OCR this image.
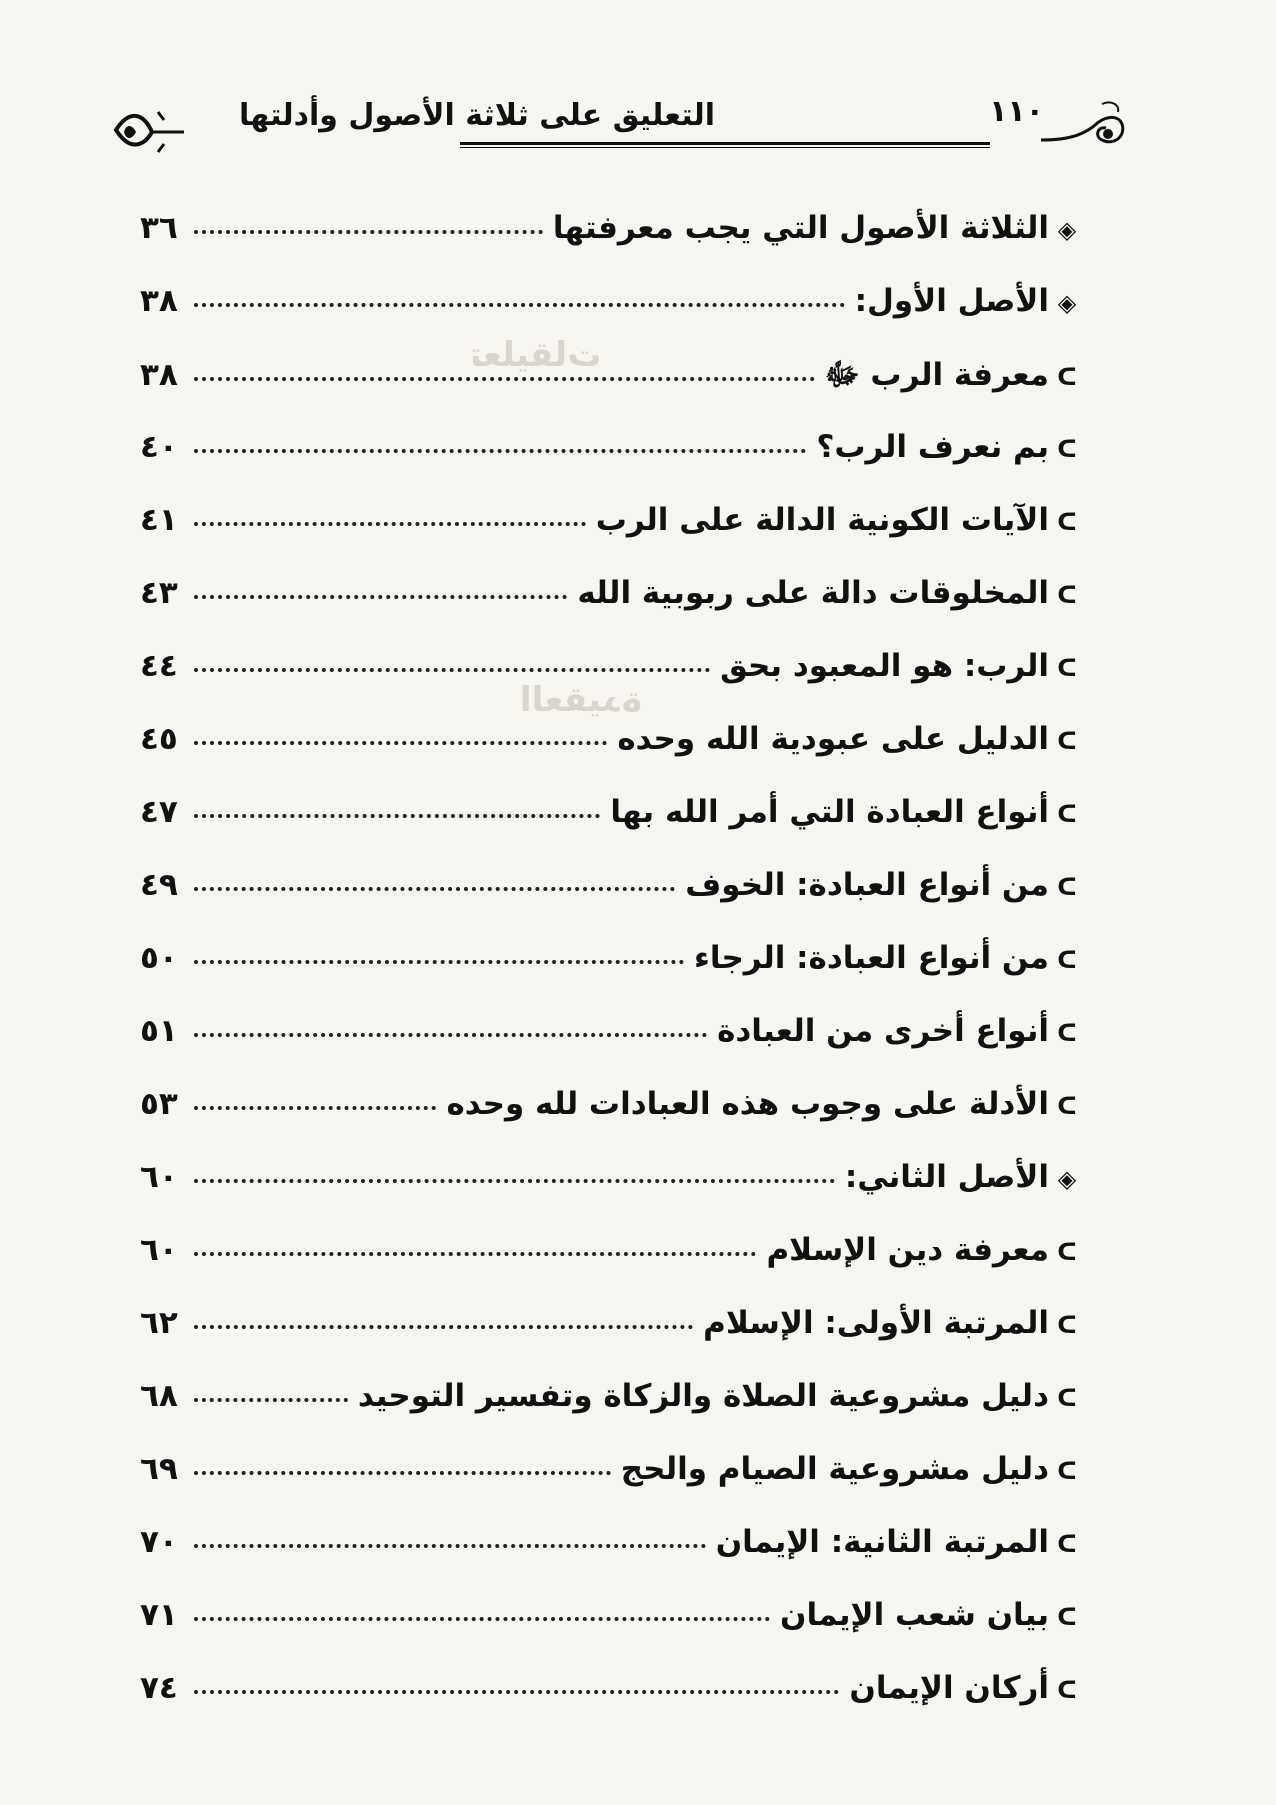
١١٠
التعليق على ثلاثة الأصول وأدلتها
تعليقات
العقيدة
◈
الثلاثة الأصول التي يجب معرفتها
٣٦
◈
الأصل الأول:
٣٨
ᑕ
معرفة الرب ﷻ
٣٨
ᑕ
بم نعرف الرب؟
٤٠
ᑕ
الآيات الكونية الدالة على الرب
٤١
ᑕ
المخلوقات دالة على ربوبية الله
٤٣
ᑕ
الرب: هو المعبود بحق
٤٤
ᑕ
الدليل على عبودية الله وحده
٤٥
ᑕ
أنواع العبادة التي أمر الله بها
٤٧
ᑕ
من أنواع العبادة: الخوف
٤٩
ᑕ
من أنواع العبادة: الرجاء
٥٠
ᑕ
أنواع أخرى من العبادة
٥١
ᑕ
الأدلة على وجوب هذه العبادات لله وحده
٥٣
◈
الأصل الثاني:
٦٠
ᑕ
معرفة دين الإسلام
٦٠
ᑕ
المرتبة الأولى: الإسلام
٦٢
ᑕ
دليل مشروعية الصلاة والزكاة وتفسير التوحيد
٦٨
ᑕ
دليل مشروعية الصيام والحج
٦٩
ᑕ
المرتبة الثانية: الإيمان
٧٠
ᑕ
بيان شعب الإيمان
٧١
ᑕ
أركان الإيمان
٧٤
